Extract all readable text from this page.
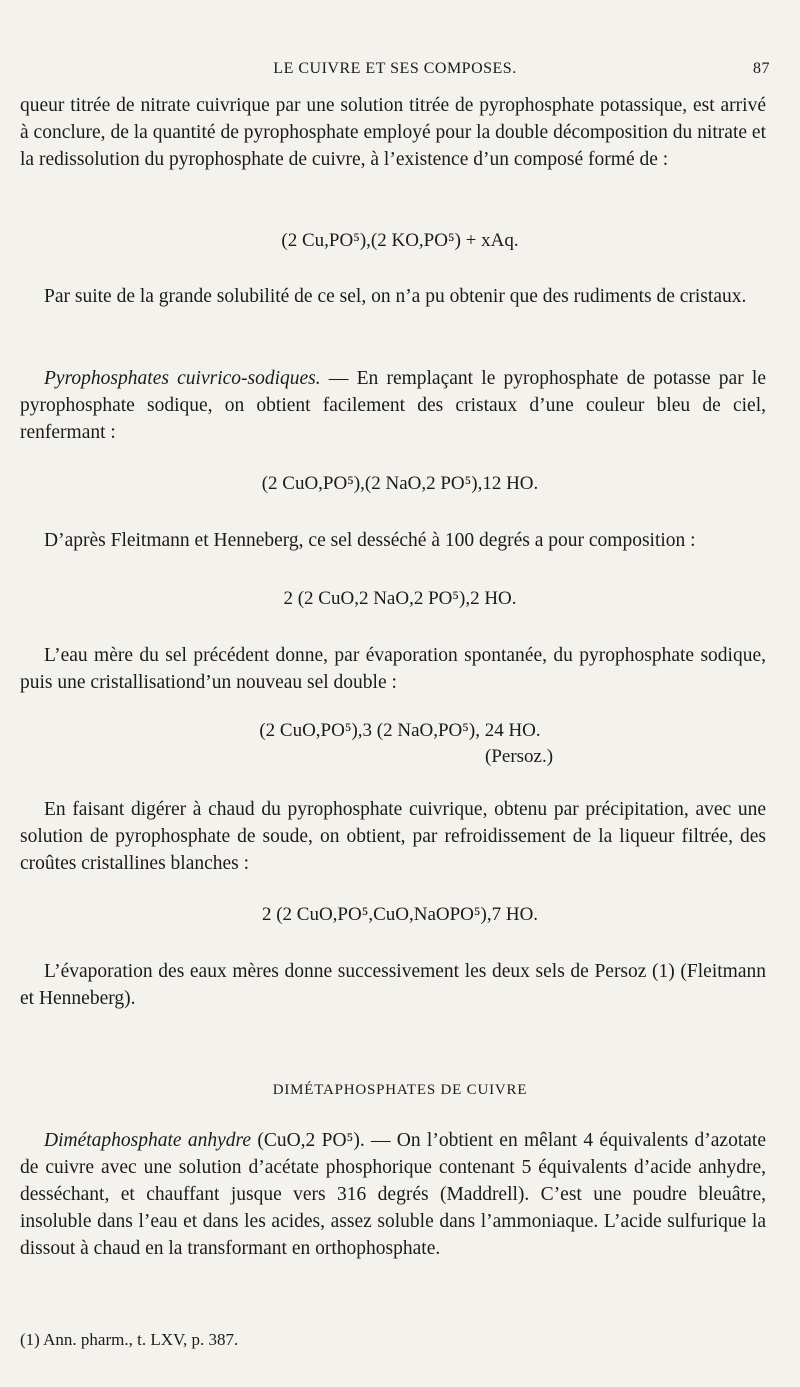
LE CUIVRE ET SES COMPOSES.	87
queur titrée de nitrate cuivrique par une solution titrée de pyrophosphate potassique, est arrivé à conclure, de la quantité de pyrophosphate employé pour la double décomposition du nitrate et la redissolution du pyrophosphate de cuivre, à l’existence d’un composé formé de :
(2 Cu,PO⁵),(2 KO,PO⁵) + xAq.
Par suite de la grande solubilité de ce sel, on n’a pu obtenir que des rudiments de cristaux.
Pyrophosphates cuivrico-sodiques. — En remplaçant le pyrophosphate de potasse par le pyrophosphate sodique, on obtient facilement des cristaux d’une couleur bleu de ciel, renfermant :
(2 CuO,PO⁵),(2 NaO,2 PO⁵),12 HO.
D’après Fleitmann et Henneberg, ce sel desséché à 100 degrés a pour composition :
2 (2 CuO,2 NaO,2 PO⁵),2 HO.
L’eau mère du sel précédent donne, par évaporation spontanée, du pyrophosphate sodique, puis une cristallisationd’un nouveau sel double :
(2 CuO,PO⁵),3 (2 NaO,PO⁵), 24 HO.
(Persoz.)
En faisant digérer à chaud du pyrophosphate cuivrique, obtenu par précipitation, avec une solution de pyrophosphate de soude, on obtient, par refroidissement de la liqueur filtrée, des croûtes cristallines blanches :
2 (2 CuO,PO⁵,CuO,NaOPO⁵),7 HO.
L’évaporation des eaux mères donne successivement les deux sels de Persoz (1) (Fleitmann et Henneberg).
DIMÉTAPHOSPHATES DE CUIVRE
Dimétaphosphate anhydre (CuO,2 PO⁵). — On l’obtient en mêlant 4 équivalents d’azotate de cuivre avec une solution d’acétate phosphorique contenant 5 équivalents d’acide anhydre, desséchant, et chauffant jusque vers 316 degrés (Maddrell). C’est une poudre bleuâtre, insoluble dans l’eau et dans les acides, assez soluble dans l’ammoniaque. L’acide sulfurique la dissout à chaud en la transformant en orthophosphate.
(1) Ann. pharm., t. LXV, p. 387.
